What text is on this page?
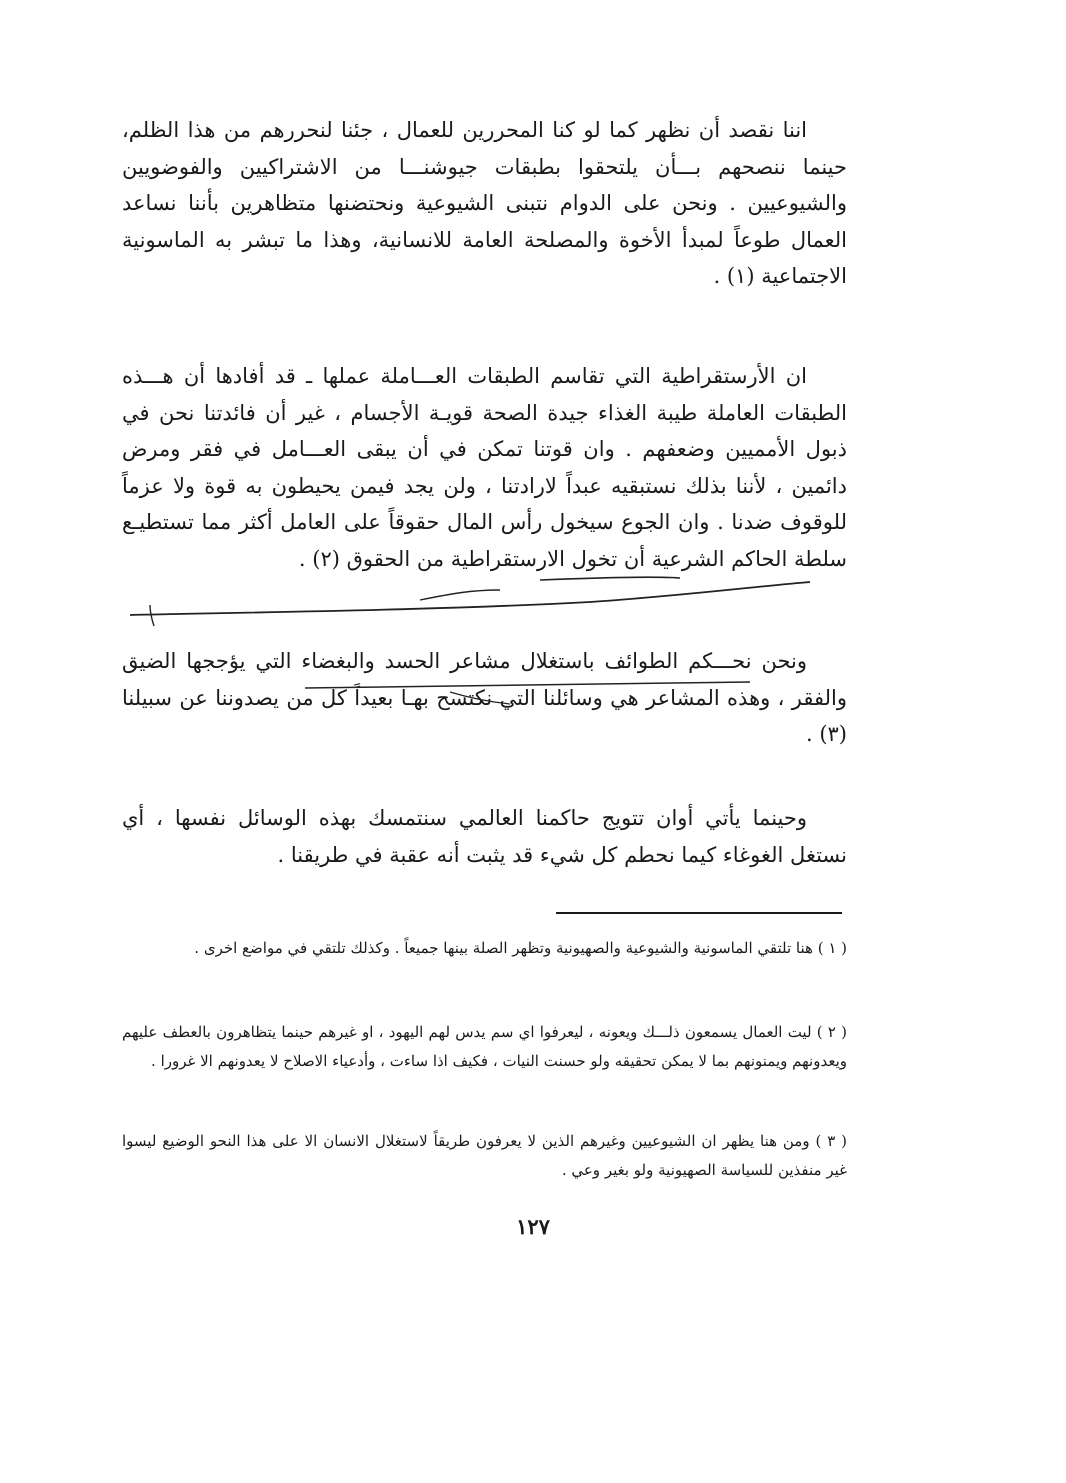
اننا نقصد أن نظهر كما لو كنا المحررين للعمال ، جئنا لنحررهم من هذا الظلم، حينما ننصحهم بـــأن يلتحقوا بطبقات جيوشنـــا من الاشتراكيين والفوضويين والشيوعيين . ونحن على الدوام نتبنى الشيوعية ونحتضنها متظاهرين بأننا نساعد العمال طوعاً لمبدأ الأخوة والمصلحة العامة للانسانية، وهذا ما تبشر به الماسونية الاجتماعية (١) .

ان الأرستقراطية التي تقاسم الطبقات العـــاملة عملها ـ قد أفادها أن هـــذه الطبقات العاملة طيبة الغذاء جيدة الصحة قويـة الأجسام ، غير أن فائدتنا نحن في ذبول الأمميين وضعفهم . وان قوتنا تمكن في أن يبقى العـــامل في فقر ومرض دائمين ، لأننا بذلك نستبقيه عبداً لارادتنا ، ولن يجد فيمن يحيطون به قوة ولا عزماً للوقوف ضدنا . وان الجوع سيخول رأس المال حقوقاً على العامل أكثر مما تستطيـع سلطة الحاكم الشرعية أن تخول الارستقراطية من الحقوق (٢) .

ونحن نحـــكم الطوائف باستغلال مشاعر الحسد والبغضاء التي يؤججها الضيق والفقر ، وهذه المشاعر هي وسائلنا التي نكتسح بهـا بعيداً كل من يصدوننا عن سبيلنا (٣) .

وحينما يأتي أوان تتويج حاكمنا العالمي سنتمسك بهذه الوسائل نفسها ، أي نستغل الغوغاء كيما نحطم كل شيء قد يثبت أنه عقبة في طريقنا .

( ١ ) هنا تلتقي الماسونية والشيوعية والصهيونية وتظهر الصلة بينها جميعاً . وكذلك تلتقي في مواضع اخرى .

( ٢ ) ليت العمال يسمعون ذلـــك ويعونه ، ليعرفوا اي سم يدس لهم اليهود ، او غيرهم حينما يتظاهرون بالعطف عليهم ويعدونهم ويمنونهم بما لا يمكن تحقيقه ولو حسنت النيات ، فكيف اذا ساءت ، وأدعياء الاصلاح لا يعدونهم الا غرورا .

( ٣ ) ومن هنا يظهر ان الشيوعيين وغيرهم الذين لا يعرفون طريقاً لاستغلال الانسان الا على هذا النحو الوضيع ليسوا غير منفذين للسياسة الصهيونية ولو بغير وعي .

١٢٧
